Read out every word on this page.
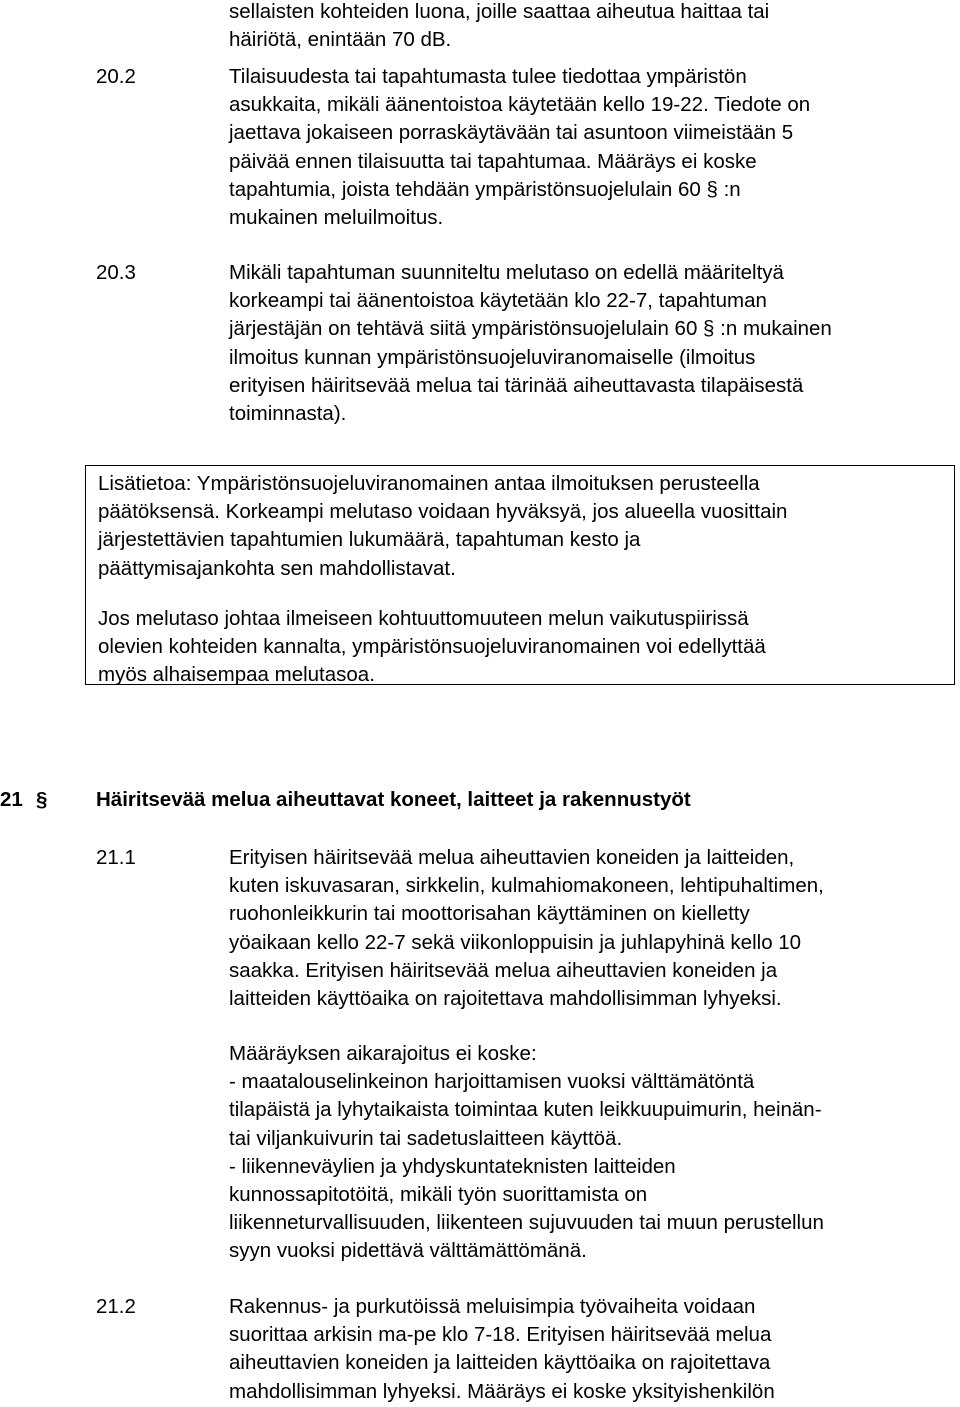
sellaisten kohteiden luona, joille saattaa aiheutua haittaa tai
häiriötä, enintään 70 dB.
20.2	Tilaisuudesta tai tapahtumasta tulee tiedottaa ympäristön
asukkaita, mikäli äänentoistoa käytetään kello 19-22. Tiedote on
jaettava jokaiseen porraskäytävään tai asuntoon viimeistään 5
päivää ennen tilaisuutta tai tapahtumaa. Määräys ei koske
tapahtumia, joista tehdään ympäristönsuojelulain 60 § :n
mukainen meluilmoitus.
20.3	Mikäli tapahtuman suunniteltu melutaso on edellä määriteltyä
korkeampi tai äänentoistoa käytetään klo 22-7, tapahtuman
järjestäjän on tehtävä siitä ympäristönsuojelulain 60 § :n mukainen
ilmoitus kunnan ympäristönsuojeluviranomaiselle (ilmoitus
erityisen häiritsevää melua tai tärinää aiheuttavasta tilapäisestä
toiminnasta).
Lisätietoa: Ympäristönsuojeluviranomainen antaa ilmoituksen perusteella
päätöksensä. Korkeampi melutaso voidaan hyväksyä, jos alueella vuosittain
järjestettävien tapahtumien lukumäärä, tapahtuman kesto ja
päättymisajankohta sen mahdollistavat.
Jos melutaso johtaa ilmeiseen kohtuuttomuuteen melun vaikutuspiirissä
olevien kohteiden kannalta, ympäristönsuojeluviranomainen voi edellyttää
myös alhaisempaa melutasoa.
21 § Häiritsevää melua aiheuttavat koneet, laitteet ja rakennustyöt
21.1	Erityisen häiritsevää melua aiheuttavien koneiden ja laitteiden,
kuten iskuvasaran, sirkkelin, kulmahiomakoneen, lehtipuhaltimen,
ruohonleikkurin tai moottorisahan käyttäminen on kielletty
yöaikaan kello 22-7 sekä viikonloppuisin ja juhlapyhinä kello 10
saakka. Erityisen häiritsevää melua aiheuttavien koneiden ja
laitteiden käyttöaika on rajoitettava mahdollisimman lyhyeksi.
Määräyksen aikarajoitus ei koske:
- maatalouselinkeinon harjoittamisen vuoksi välttämätöntä
tilapäistä ja lyhytaikaista toimintaa kuten leikkuupuimurin, heinän-
tai viljankuivurin tai sadetuslaitteen käyttöä.
- liikenneväylien ja yhdyskuntateknisten laitteiden
kunnossapitotöitä, mikäli työn suorittamista on
liikenneturvallisuuden, liikenteen sujuvuuden tai muun perustellun
syyn vuoksi pidettävä välttämättömänä.
21.2	Rakennus- ja purkutöissä meluisimpia työvaiheita voidaan
suorittaa arkisin ma-pe klo 7-18. Erityisen häiritsevää melua
aiheuttavien koneiden ja laitteiden käyttöaika on rajoitettava
mahdollisimman lyhyeksi. Määräys ei koske yksityishenkilön
